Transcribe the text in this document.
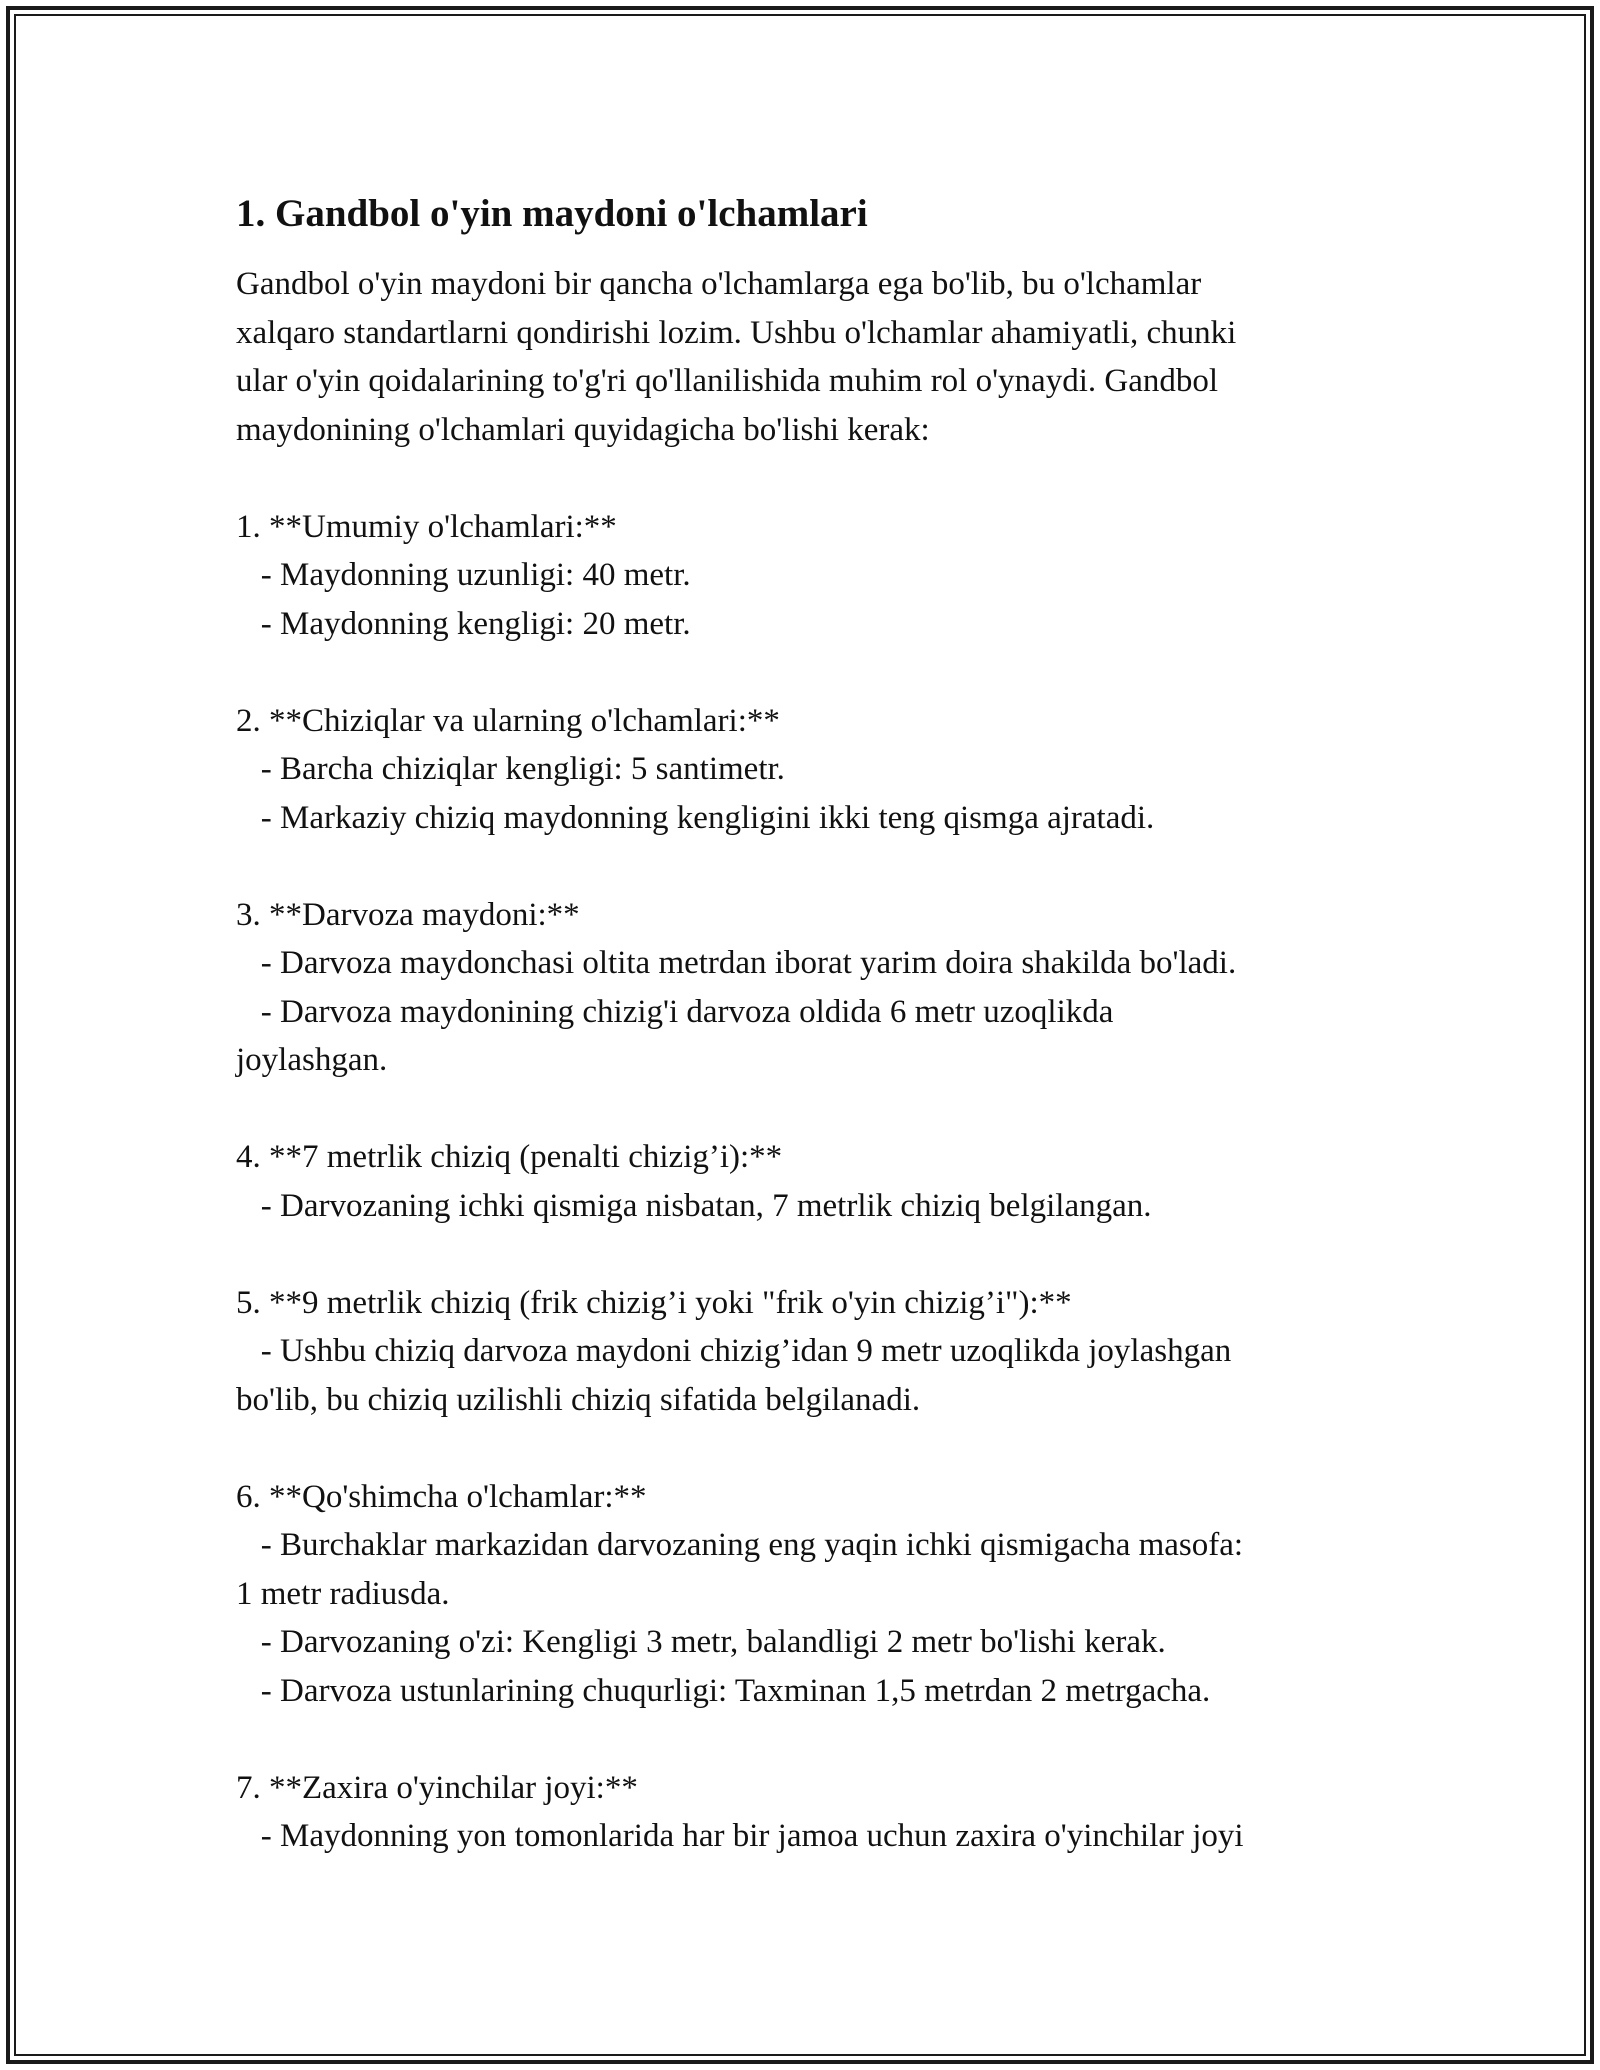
1. Gandbol o'yin maydoni o'lchamlari

Gandbol o'yin maydoni bir qancha o'lchamlarga ega bo'lib, bu o'lchamlar
xalqaro standartlarni qondirishi lozim. Ushbu o'lchamlar ahamiyatli, chunki
ular o'yin qoidalarining to'g'ri qo'llanilishida muhim rol o'ynaydi. Gandbol
maydonining o'lchamlari quyidagicha bo'lishi kerak:

1. **Umumiy o'lchamlari:**

- Maydonning uzunligi: 40 metr.
- Maydonning kengligi: 20 metr.

2. **Chiziqlar va ularning o'lchamlari:**

- Barcha chiziqlar kengligi: 5 santimetr.
- Markaziy chiziq maydonning kengligini ikki teng qismga ajratadi.

3. **Darvoza maydoni:**

- Darvoza maydonchasi oltita metrdan iborat yarim doira shakilda bo'ladi.
- Darvoza maydonining chizig'i darvoza oldida 6 metr uzoqlikda
joylashgan.

4. **7 metrlik chiziq (penalti chizig’i):**

- Darvozaning ichki qismiga nisbatan, 7 metrlik chiziq belgilangan.

5. **9 metrlik chiziq (frik chizig’i yoki "frik o'yin chizig’i"):**

- Ushbu chiziq darvoza maydoni chizig’idan 9 metr uzoqlikda joylashgan
bo'lib, bu chiziq uzilishli chiziq sifatida belgilanadi.

6. **Qo'shimcha o'lchamlar:**

- Burchaklar markazidan darvozaning eng yaqin ichki qismigacha masofa:
1 metr radiusda.
- Darvozaning o'zi: Kengligi 3 metr, balandligi 2 metr bo'lishi kerak.
- Darvoza ustunlarining chuqurligi: Taxminan 1,5 metrdan 2 metrgacha.

7. **Zaxira o'yinchilar joyi:**

- Maydonning yon tomonlarida har bir jamoa uchun zaxira o'yinchilar joyi
